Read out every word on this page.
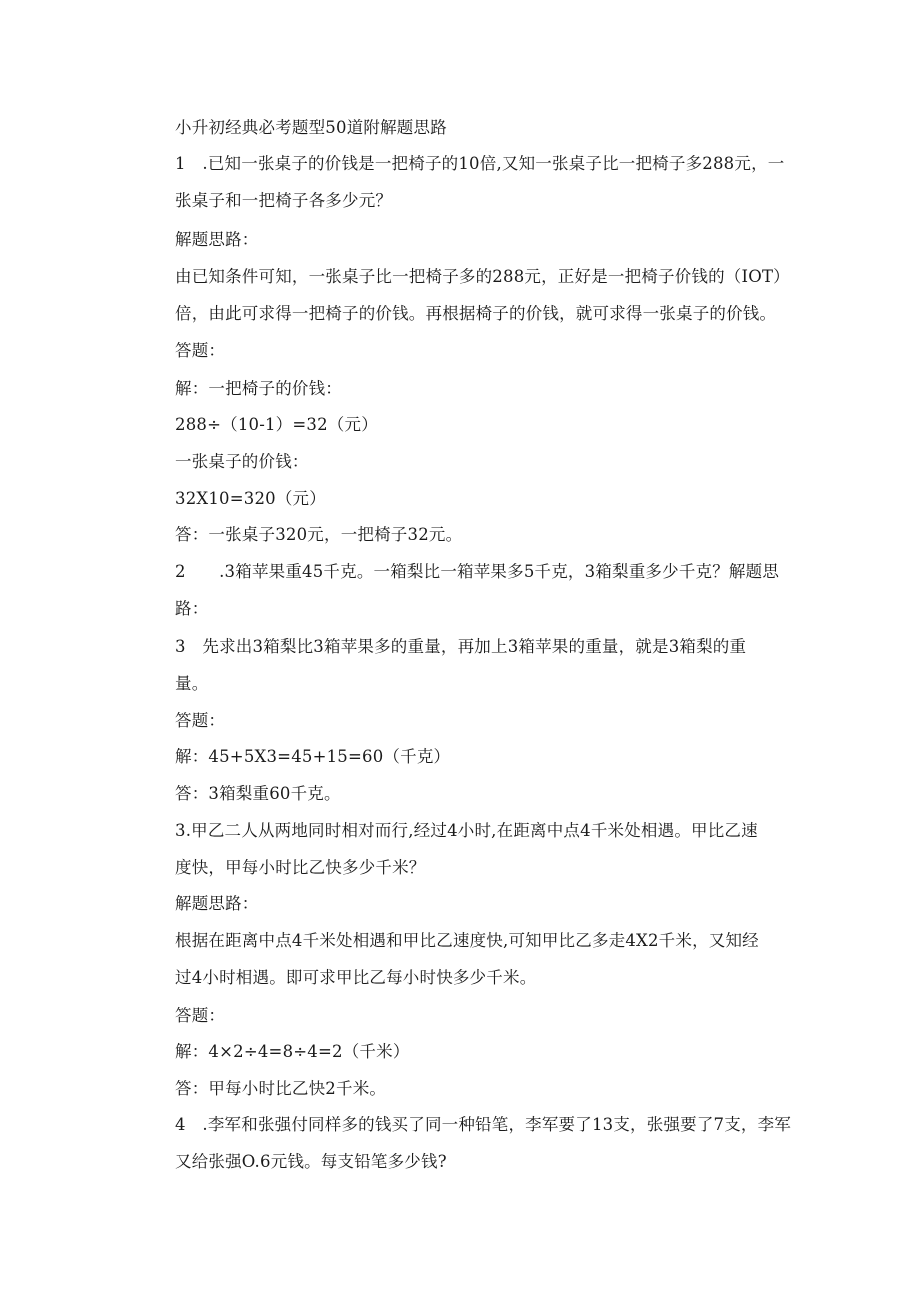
小升初经典必考题型50道附解题思路
1　.已知一张桌子的价钱是一把椅子的10倍,又知一张桌子比一把椅子多288元，一
张桌子和一把椅子各多少元？
解题思路：
由已知条件可知，一张桌子比一把椅子多的288元，正好是一把椅子价钱的（IOT）
倍，由此可求得一把椅子的价钱。再根据椅子的价钱，就可求得一张桌子的价钱。
答题：
解：一把椅子的价钱：
288÷（10-1）=32（元）
一张桌子的价钱：
32X10=320（元）
答：一张桌子320元，一把椅子32元。
2　　.3箱苹果重45千克。一箱梨比一箱苹果多5千克，3箱梨重多少千克？解题思
路：
3　先求出3箱梨比3箱苹果多的重量，再加上3箱苹果的重量，就是3箱梨的重
量。
答题：
解：45+5X3=45+15=60（千克）
答：3箱梨重60千克。
3.甲乙二人从两地同时相对而行,经过4小时,在距离中点4千米处相遇。甲比乙速
度快，甲每小时比乙快多少千米？
解题思路：
根据在距离中点4千米处相遇和甲比乙速度快,可知甲比乙多走4X2千米，又知经
过4小时相遇。即可求甲比乙每小时快多少千米。
答题：
解：4×2÷4=8÷4=2（千米）
答：甲每小时比乙快2千米。
4　.李军和张强付同样多的钱买了同一种铅笔，李军要了13支，张强要了7支，李军
又给张强O.6元钱。每支铅笔多少钱?
